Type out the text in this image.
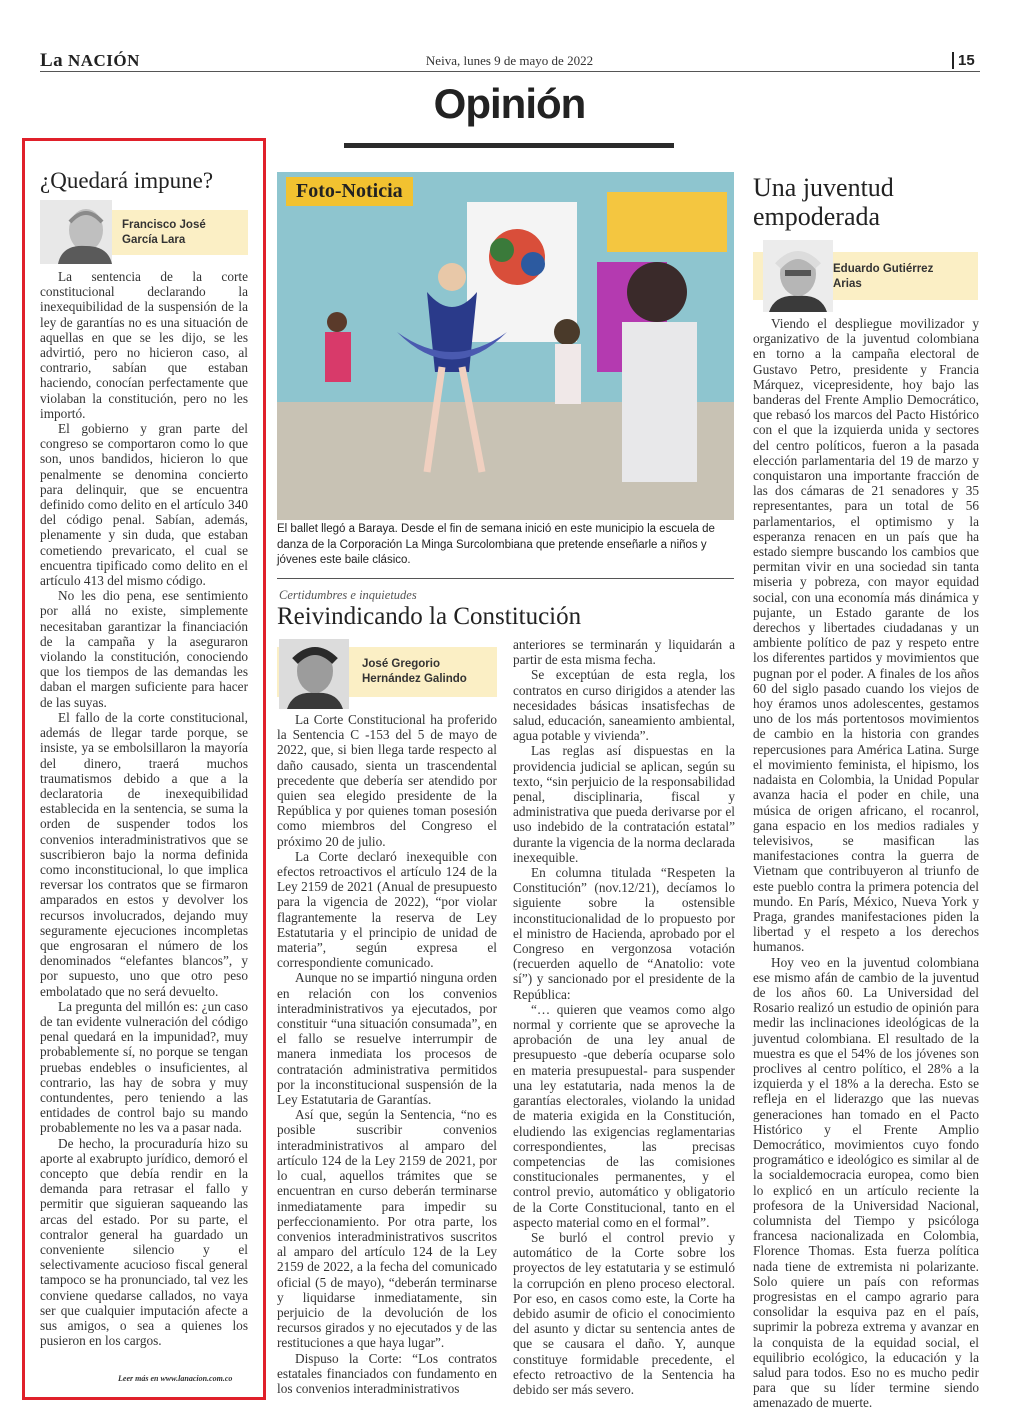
La NACIÓN	Neiva, lunes 9 de mayo de 2022	15
Opinión
¿Quedará impune?
Francisco José
García Lara

La sentencia de la corte constitucional declarando la inexequibilidad de la suspensión de la ley de garantías no es una situación de aquellas en que se les dijo, se les advirtió, pero no hicieron caso, al contrario, sabían que estaban haciendo, conocían perfectamente que violaban la constitución, pero no les importó.

El gobierno y gran parte del congreso se comportaron como lo que son, unos bandidos, hicieron lo que penalmente se denomina concierto para delinquir, que se encuentra definido como delito en el artículo 340 del código penal. Sabían, además, plenamente y sin duda, que estaban cometiendo prevaricato, el cual se encuentra tipificado como delito en el artículo 413 del mismo código.

No les dio pena, ese sentimiento por allá no existe, simplemente necesitaban garantizar la financiación de la campaña y la aseguraron violando la constitución, conociendo que los tiempos de las demandas les daban el margen suficiente para hacer de las suyas.

El fallo de la corte constitucional, además de llegar tarde porque, se insiste, ya se embolsillaron la mayoría del dinero, traerá muchos traumatismos debido a que a la declaratoria de inexequibilidad establecida en la sentencia, se suma la orden de suspender todos los convenios interadministrativos que se suscribieron bajo la norma definida como inconstitucional, lo que implica reversar los contratos que se firmaron amparados en estos y devolver los recursos involucrados, dejando muy seguramente ejecuciones incompletas que engrosaran el número de los denominados “elefantes blancos”, y por supuesto, uno que otro peso embolatado que no será devuelto.

La pregunta del millón es: ¿un caso de tan evidente vulneración del código penal quedará en la impunidad?, muy probablemente sí, no porque se tengan pruebas endebles o insuficientes, al contrario, las hay de sobra y muy contundentes, pero teniendo a las entidades de control bajo su mando probablemente no les va a pasar nada.

De hecho, la procuraduría hizo su aporte al exabrupto jurídico, demoró el concepto que debía rendir en la demanda para retrasar el fallo y permitir que siguieran saqueando las arcas del estado. Por su parte, el contralor general ha guardado un conveniente silencio y el selectivamente acucioso fiscal general tampoco se ha pronunciado, tal vez les conviene quedarse callados, no vaya ser que cualquier imputación afecte a sus amigos, o sea a quienes los pusieron en los cargos.

Leer más en www.lanacion.com.co
Foto-Noticia
El ballet llegó a Baraya. Desde el fin de semana inició en este municipio la escuela de danza de la Corporación La Minga Surcolombiana que pretende enseñarle a niños y jóvenes este baile clásico.
Certidumbres e inquietudes
Reivindicando la Constitución
José Gregorio
Hernández Galindo

La Corte Constitucional ha proferido la Sentencia C -153 del 5 de mayo de 2022, que, si bien llega tarde respecto al daño causado, sienta un trascendental precedente que debería ser atendido por quien sea elegido presidente de la República y por quienes toman posesión como miembros del Congreso el próximo 20 de julio.

La Corte declaró inexequible con efectos retroactivos el artículo 124 de la Ley 2159 de 2021 (Anual de presupuesto para la vigencia de 2022), “por violar flagrantemente la reserva de Ley Estatutaria y el principio de unidad de materia”, según expresa el correspondiente comunicado.

Aunque no se impartió ninguna orden en relación con los convenios interadministrativos ya ejecutados, por constituir “una situación consumada”, en el fallo se resuelve interrumpir de manera inmediata los procesos de contratación administrativa permitidos por la inconstitucional suspensión de la Ley Estatutaria de Garantías.

Así que, según la Sentencia, “no es posible suscribir convenios interadministrativos al amparo del artículo 124 de la Ley 2159 de 2021, por lo cual, aquellos trámites que se encuentran en curso deberán terminarse inmediatamente para impedir su perfeccionamiento. Por otra parte, los convenios interadministrativos suscritos al amparo del artículo 124 de la Ley 2159 de 2022, a la fecha del comunicado oficial (5 de mayo), “deberán terminarse y liquidarse inmediatamente, sin perjuicio de la devolución de los recursos girados y no ejecutados y de las restituciones a que haya lugar”.

Dispuso la Corte: “Los contratos estatales financiados con fundamento en los convenios interadministrativos

anteriores se terminarán y liquidarán a partir de esta misma fecha.

Se exceptúan de esta regla, los contratos en curso dirigidos a atender las necesidades básicas insatisfechas de salud, educación, saneamiento ambiental, agua potable y vivienda”.

Las reglas así dispuestas en la providencia judicial se aplican, según su texto, “sin perjuicio de la responsabilidad penal, disciplinaria, fiscal y administrativa que pueda derivarse por el uso indebido de la contratación estatal” durante la vigencia de la norma declarada inexequible.

En columna titulada “Respeten la Constitución” (nov.12/21), decíamos lo siguiente sobre la ostensible inconstitucionalidad de lo propuesto por el ministro de Hacienda, aprobado por el Congreso en vergonzosa votación (recuerden aquello de “Anatolio: vote sí”) y sancionado por el presidente de la República:

“… quieren que veamos como algo normal y corriente que se aproveche la aprobación de una ley anual de presupuesto -que debería ocuparse solo en materia presupuestal- para suspender una ley estatutaria, nada menos la de garantías electorales, violando la unidad de materia exigida en la Constitución, eludiendo las exigencias reglamentarias correspondientes, las precisas competencias de las comisiones constitucionales permanentes, y el control previo, automático y obligatorio de la Corte Constitucional, tanto en el aspecto material como en el formal”.

Se burló el control previo y automático de la Corte sobre los proyectos de ley estatutaria y se estimuló la corrupción en pleno proceso electoral. Por eso, en casos como este, la Corte ha debido asumir de oficio el conocimiento del asunto y dictar su sentencia antes de que se causara el daño. Y, aunque constituye formidable precedente, el efecto retroactivo de la Sentencia ha debido ser más severo.

Una juventud
empoderada
Eduardo Gutiérrez
Arias

Viendo el despliegue movilizador y organizativo de la juventud colombiana en torno a la campaña electoral de Gustavo Petro, presidente y Francia Márquez, vicepresidente, hoy bajo las banderas del Frente Amplio Democrático, que rebasó los marcos del Pacto Histórico con el que la izquierda unida y sectores del centro políticos, fueron a la pasada elección parlamentaria del 19 de marzo y conquistaron una importante fracción de las dos cámaras de 21 senadores y 35 representantes, para un total de 56 parlamentarios, el optimismo y la esperanza renacen en un país que ha estado siempre buscando los cambios que permitan vivir en una sociedad sin tanta miseria y pobreza, con mayor equidad social, con una economía más dinámica y pujante, un Estado garante de los derechos y libertades ciudadanas y un ambiente político de paz y respeto entre los diferentes partidos y movimientos que pugnan por el poder. A finales de los años 60 del siglo pasado cuando los viejos de hoy éramos unos adolescentes, gestamos uno de los más portentosos movimientos de cambio en la historia con grandes repercusiones para América Latina. Surge el movimiento feminista, el hipismo, los nadaista en Colombia, la Unidad Popular avanza hacia el poder en chile, una música de origen africano, el rocanrol, gana espacio en los medios radiales y televisivos, se masifican las manifestaciones contra la guerra de Vietnam que contribuyeron al triunfo de este pueblo contra la primera potencia del mundo. En París, México, Nueva York y Praga, grandes manifestaciones piden la libertad y el respeto a los derechos humanos.

Hoy veo en la juventud colombiana ese mismo afán de cambio de la juventud de los años 60. La Universidad del Rosario realizó un estudio de opinión para medir las inclinaciones ideológicas de la juventud colombiana. El resultado de la muestra es que el 54% de los jóvenes son proclives al centro político, el 28% a la izquierda y el 18% a la derecha. Esto se refleja en el liderazgo que las nuevas generaciones han tomado en el Pacto Histórico y el Frente Amplio Democrático, movimientos cuyo fondo programático e ideológico es similar al de la socialdemocracia europea, como bien lo explicó en un artículo reciente la profesora de la Universidad Nacional, columnista del Tiempo y psicóloga francesa nacionalizada en Colombia, Florence Thomas. Esta fuerza política nada tiene de extremista ni polarizante. Solo quiere un país con reformas progresistas en el campo agrario para consolidar la esquiva paz en el país, suprimir la pobreza extrema y avanzar en la conquista de la equidad social, el equilibrio ecológico, la educación y la salud para todos. Eso no es mucho pedir para que su líder termine siendo amenazado de muerte.
